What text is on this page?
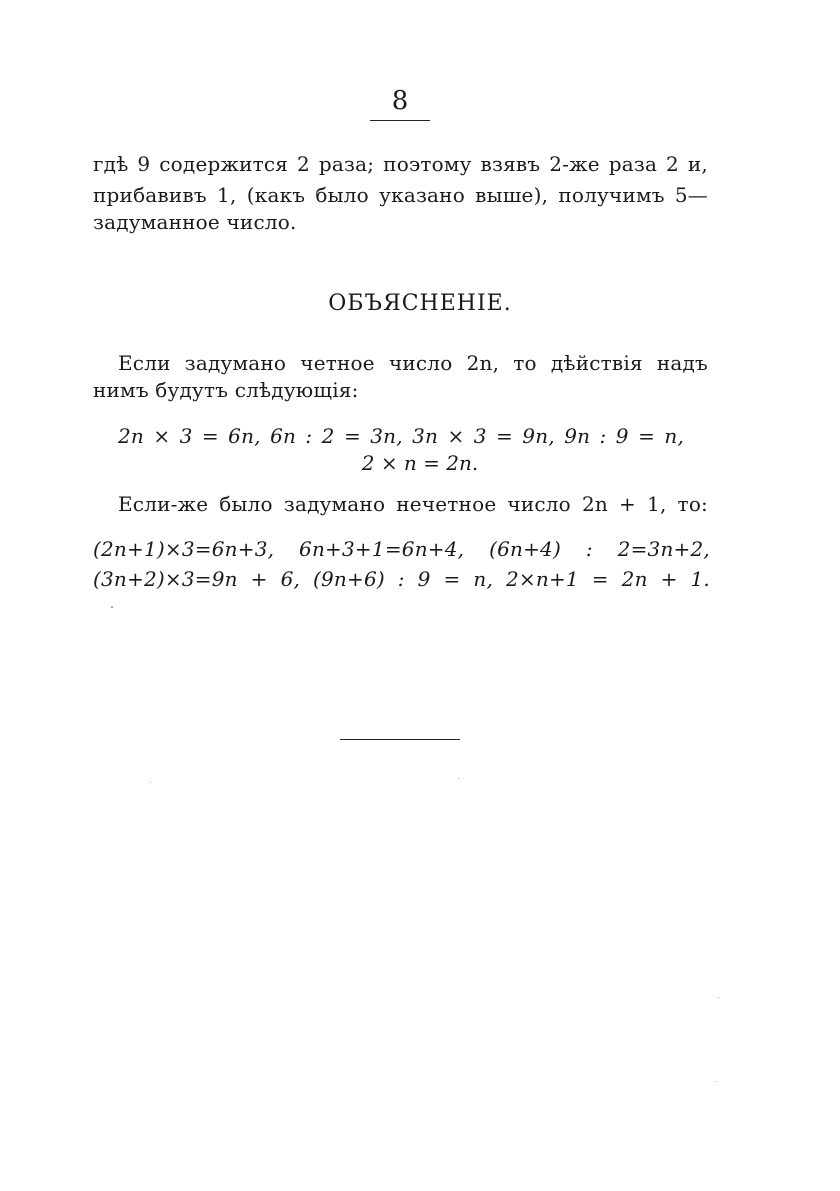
8
гдѣ 9 содержится 2 раза; поэтому взявъ 2-же раза 2 и,
прибавивъ 1, (какъ было указано выше), получимъ 5—
задуманное число.
ОБЪЯСНЕНIЕ.
Если задумано четное число 2n, то дѣйствiя надъ
нимъ будутъ слѣдующiя:
2n × 3 = 6n, 6n : 2 = 3n, 3n × 3 = 9n, 9n : 9 = n,
2 × n = 2n.
Если-же было задумано нечетное число 2n + 1, то:
(2n+1)×3=6n+3, 6n+3+1=6n+4, (6n+4) : 2=3n+2,
(3n+2)×3=9n + 6, (9n+6) : 9 = n, 2×n+1 = 2n + 1.
